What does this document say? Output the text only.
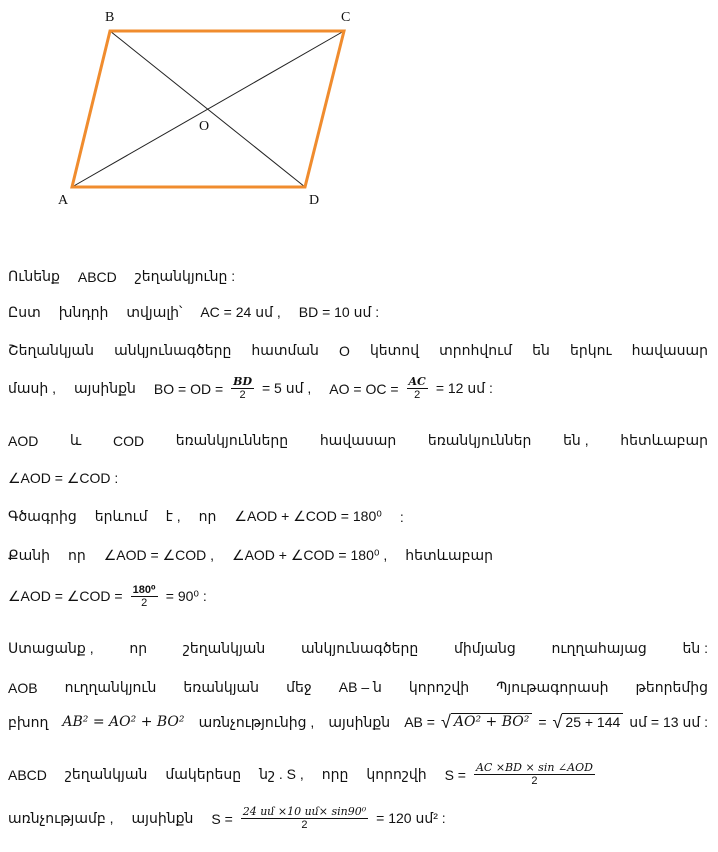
B	C
O
A	D
Ունենք ABCD շեղանկյունը :
Ըստ խնդրի տվյալի՝ AC = 24 սմ , BD = 10 սմ :
Շեղանկյան անկյունագծերը հատման O կետով տրոհվում են երկու հավասար
մասի , այսինքն BO = OD = $\frac{BD}{2} = 5$ սմ , AO = OC = $\frac{AC}{2} = 12$ սմ :
AOD և COD եռանկյունները հավասար եռանկյուններ են , հետևաբար
∠AOD = ∠COD :
Գծագրից երևում է , որ ∠AOD + ∠COD = 180⁰ :
Քանի որ ∠AOD = ∠COD , ∠AOD + ∠COD = 180⁰ , հետևաբար
∠AOD = ∠COD = $\frac{\text{180⁰}}{2} = 90^0$ :
Ստացանք ,	որ	շեղանկյան	անկյունագծերը	միմյանց	ուղղահայաց	են :
AOB ուղղանկյուն եռանկյան մեջ AB – ն կորոշվի Պյութագորասի թեորեմից
բխող AB² = AO² + BO² առնչությունից , այսինքն AB = √ AO² + BO² = √ 25 + 144 սմ = 13 սմ :
ABCD շեղանկյան մակերեսը նշ . S , որը կորոշվի $S = \frac{\text{AC ×BD × sin ∠AOD}}{2}$
առնչությամբ , այսինքն $S = \frac{\text{24 սմ ×10 սմ× sin90⁰}}{2} = 120$ սմ² :
